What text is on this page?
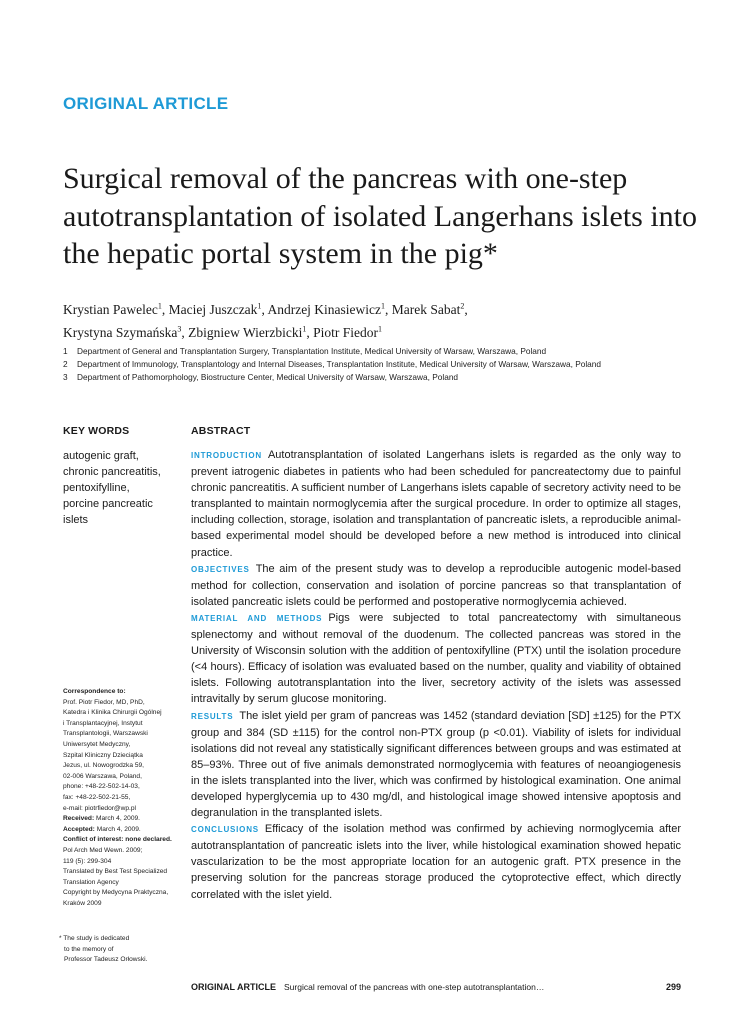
ORIGINAL ARTICLE
Surgical removal of the pancreas with one-step autotransplantation of isolated Langerhans islets into the hepatic portal system in the pig*
Krystian Pawelec$^1$, Maciej Juszczak$^1$, Andrzej Kinasiewicz$^1$, Marek Sabat$^2$,
Krystyna Szymańska$^3$, Zbigniew Wierzbicki$^1$, Piotr Fiedor$^1$
1	Department of General and Transplantation Surgery, Transplantation Institute, Medical University of Warsaw, Warszawa, Poland
2	Department of Immunology, Transplantology and Internal Diseases, Transplantation Institute, Medical University of Warsaw, Warszawa, Poland
3	Department of Pathomorphology, Biostructure Center, Medical University of Warsaw, Warszawa, Poland
KEY WORDS	ABSTRACT
autogenic graft,
chronic pancreatitis,
pentoxifylline,
porcine pancreatic
islets

INTRODUCTION Autotransplantation of isolated Langerhans islets is regarded as the only way to prevent iatrogenic diabetes in patients who had been scheduled for pancreatectomy due to painful chronic pancreatitis. A sufficient number of Langerhans islets capable of secretory activity need to be transplanted to maintain normoglycemia after the surgical procedure. In order to optimize all stages, including collection, storage, isolation and transplantation of pancreatic islets, a reproducible animal-based experimental model should be developed before a new method is introduced into clinical practice.

OBJECTIVES The aim of the present study was to develop a reproducible autogenic model-based method for collection, conservation and isolation of porcine pancreas so that transplantation of isolated pancreatic islets could be performed and postoperative normoglycemia achieved.

MATERIAL AND METHODS Pigs were subjected to total pancreatectomy with simultaneous splenectomy and without removal of the duodenum. The collected pancreas was stored in the University of Wisconsin solution with the addition of pentoxifylline (PTX) until the isolation procedure (<4 hours). Efficacy of isolation was evaluated based on the number, quality and viability of obtained islets. Following autotransplantation into the liver, secretory activity of the islets was assessed intravitally by serum glucose monitoring.

RESULTS The islet yield per gram of pancreas was 1452 (standard deviation [SD] ±125) for the PTX group and 384 (SD ±115) for the control non-PTX group (p <0.01). Viability of islets for individual isolations did not reveal any statistically significant differences between groups and was estimated at 85–93%. Three out of five animals demonstrated normoglycemia with features of neoangiogenesis in the islets transplanted into the liver, which was confirmed by histological examination. One animal developed hyperglycemia up to 430 mg/dl, and histological image showed intensive apoptosis and degranulation in the transplanted islets.

CONCLUSIONS Efficacy of the isolation method was confirmed by achieving normoglycemia after autotransplantation of pancreatic islets into the liver, while histological examination showed hepatic vascularization to be the most appropriate location for an autogenic graft. PTX presence in the preserving solution for the pancreas storage produced the cytoprotective effect, which directly correlated with the islet yield.

Correspondence to:
Prof. Piotr Fiedor, MD, PhD,
Katedra i Klinika Chirurgii Ogólnej
i Transplantacyjnej, Instytut
Transplantologii, Warszawski
Uniwersytet Medyczny,
Szpital Kliniczny Dzieciątka
Jezus, ul. Nowogrodzka 59,
02-006 Warszawa, Poland,
phone: +48-22-502-14-03,
fax: +48-22-502-21-55,
e-mail: piotrfiedor@wp.pl
Received: March 4, 2009.
Accepted: March 4, 2009.
Conflict of interest: none declared.
Pol Arch Med Wewn. 2009;
119 (5): 299-304
Translated by Best Test Specialized
Translation Agency
Copyright by Medycyna Praktyczna,
Kraków 2009
* The study is dedicated
to the memory of
Professor Tadeusz Orłowski.
ORIGINAL ARTICLE Surgical removal of the pancreas with one-step autotransplantation…	299
